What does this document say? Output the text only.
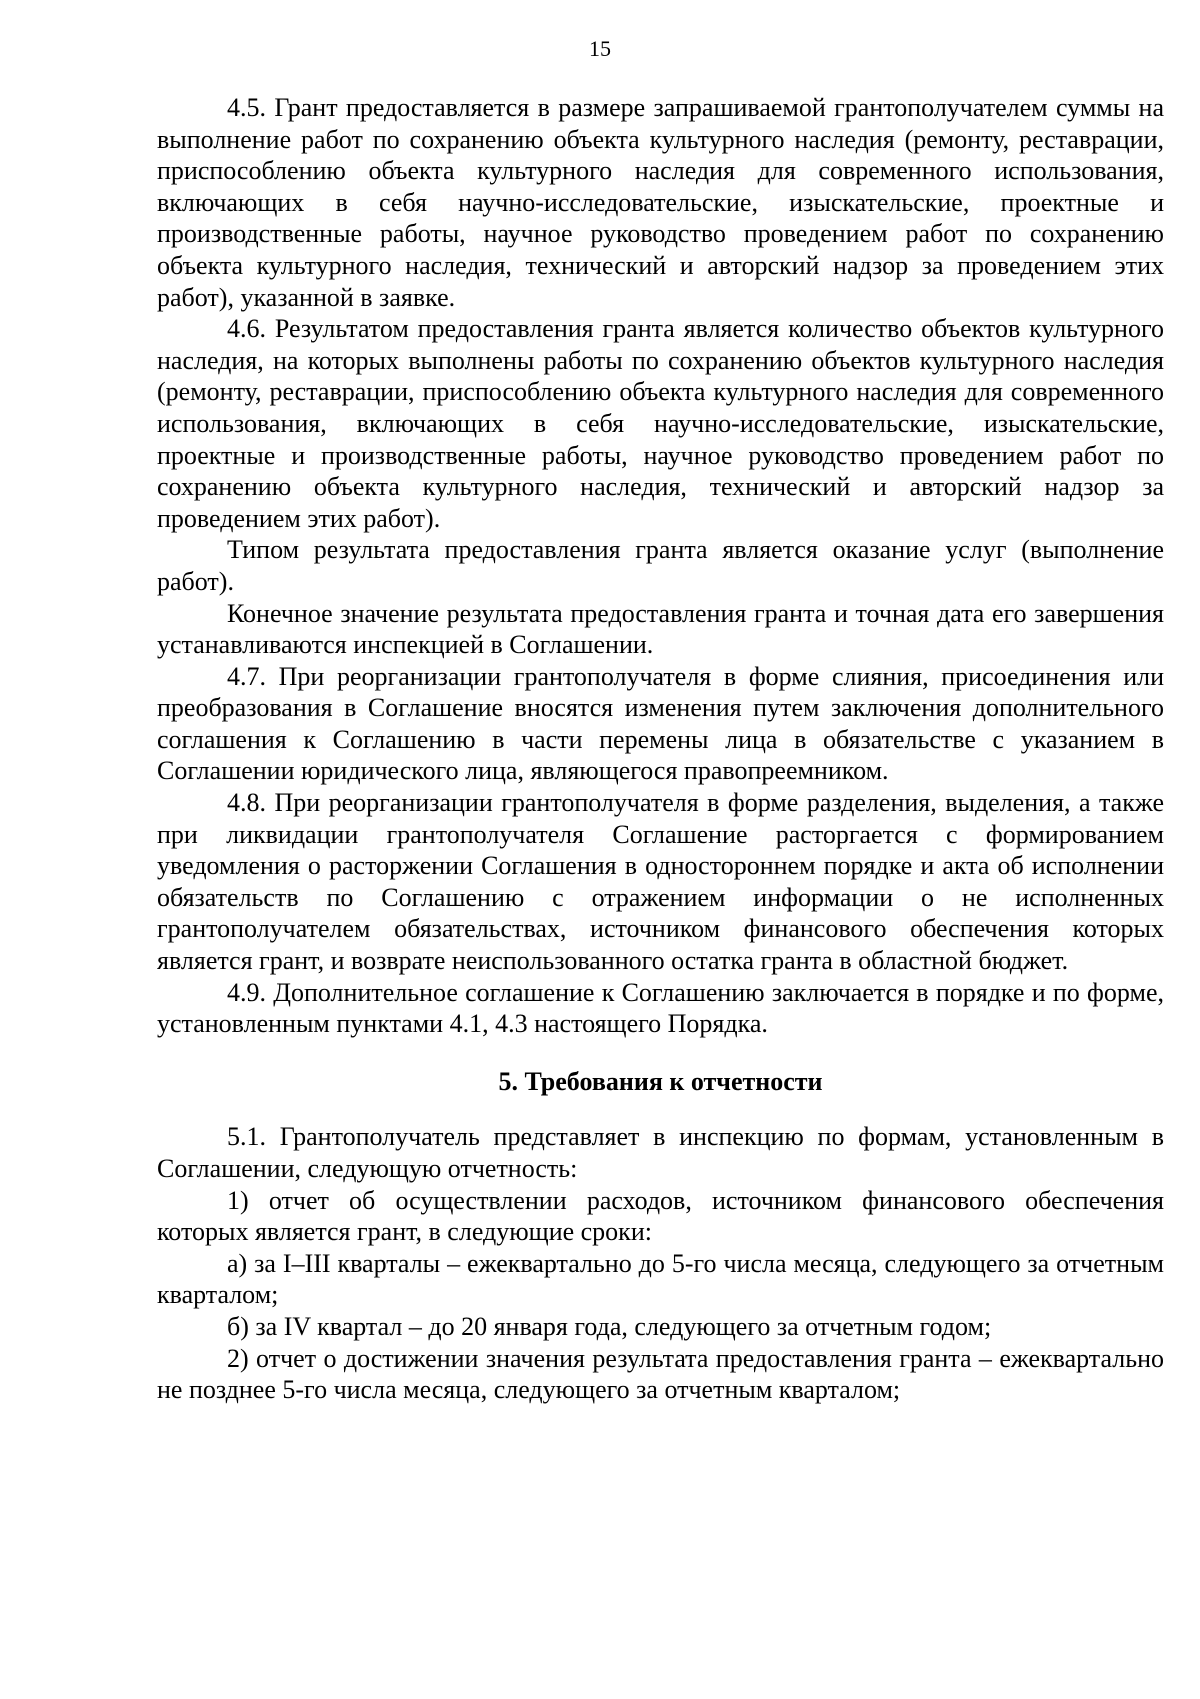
15

4.5. Грант предоставляется в размере запрашиваемой грантополучателем суммы на выполнение работ по сохранению объекта культурного наследия (ремонту, реставрации, приспособлению объекта культурного наследия для современного использования, включающих в себя научно-исследовательские, изыскательские, проектные и производственные работы, научное руководство проведением работ по сохранению объекта культурного наследия, технический и авторский надзор за проведением этих работ), указанной в заявке.

4.6. Результатом предоставления гранта является количество объектов культурного наследия, на которых выполнены работы по сохранению объектов культурного наследия (ремонту, реставрации, приспособлению объекта культурного наследия для современного использования, включающих в себя научно-исследовательские, изыскательские, проектные и производственные работы, научное руководство проведением работ по сохранению объекта культурного наследия, технический и авторский надзор за проведением этих работ).

Типом результата предоставления гранта является оказание услуг (выполнение работ).

Конечное значение результата предоставления гранта и точная дата его завершения устанавливаются инспекцией в Соглашении.

4.7. При реорганизации грантополучателя в форме слияния, присоединения или преобразования в Соглашение вносятся изменения путем заключения дополнительного соглашения к Соглашению в части перемены лица в обязательстве с указанием в Соглашении юридического лица, являющегося правопреемником.

4.8. При реорганизации грантополучателя в форме разделения, выделения, а также при ликвидации грантополучателя Соглашение расторгается с формированием уведомления о расторжении Соглашения в одностороннем порядке и акта об исполнении обязательств по Соглашению с отражением информации о не исполненных грантополучателем обязательствах, источником финансового обеспечения которых является грант, и возврате неиспользованного остатка гранта в областной бюджет.

4.9. Дополнительное соглашение к Соглашению заключается в порядке и по форме, установленным пунктами 4.1, 4.3 настоящего Порядка.

5. Требования к отчетности

5.1. Грантополучатель представляет в инспекцию по формам, установленным в Соглашении, следующую отчетность:

1) отчет об осуществлении расходов, источником финансового обеспечения которых является грант, в следующие сроки:

а) за I–III кварталы – ежеквартально до 5-го числа месяца, следующего за отчетным кварталом;

б) за IV квартал – до 20 января года, следующего за отчетным годом;

2) отчет о достижении значения результата предоставления гранта – ежеквартально не позднее 5-го числа месяца, следующего за отчетным кварталом;
